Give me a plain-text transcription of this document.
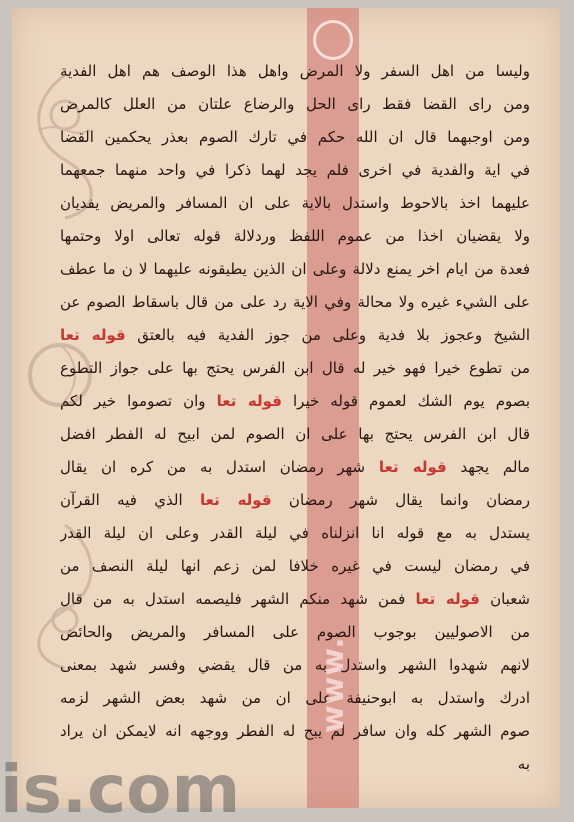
وليسا من اهل السفر ولا المرض واهل هذا الوصف هم اهل الفدية
ومن راى القضا فقط راى الحل والرضاع علتان من العلل كالمرض
ومن اوجبهما قال ان الله حكم في تارك الصوم بعذر يحكمين القضا
في اية والفدية في اخرى فلم يجد لهما ذكرا في واحد منهما جمعهما
عليهما اخذ بالاحوط واستدل بالاية على ان المسافر والمريض يفديان
ولا يقضيان اخذا من عموم اللفظ وردلالة قوله تعالى اولا وحتمها
فعدة من ايام اخر يمنع دلالة وعلى ان الذين يطيقونه عليهما لا ن ما عطف
على الشيء غيره ولا محالة وفي الاية رد على من قال باسقاط الصوم عن
الشيخ وعجوز بلا فدية وعلى من جوز الفدية فيه بالعتق قوله تعا
من تطوع خيرا فهو خير له قال ابن الفرس يحتج بها على جواز التطوع
بصوم يوم الشك لعموم قوله خيرا قوله تعا وان تصوموا خير لكم
قال ابن الفرس يحتج بها على ان الصوم لمن ابيح له الفطر افضل
مالم يجهد قوله تعا شهر رمضان استدل به من كره ان يقال
رمضان وانما يقال شهر رمضان قوله تعا الذي فيه القرآن
يستدل به مع قوله انا انزلناه في ليلة القدر وعلى ان ليلة القدر
في رمضان ليست في غيره خلافا لمن زعم انها ليلة النصف من
شعبان قوله تعا فمن شهد منكم الشهر فليصمه استدل به من قال
من الاصوليين بوجوب الصوم على المسافر والمريض والحائض
لانهم شهدوا الشهر واستدل به من قال يقضي وفسر شهد بمعنى
ادرك واستدل به ابوحنيفة على ان من شهد بعض الشهر لزمه
صوم الشهر كله وان سافر لم يبح له الفطر ووجهه انه لايمكن ان يراد
به
www.
is.com
